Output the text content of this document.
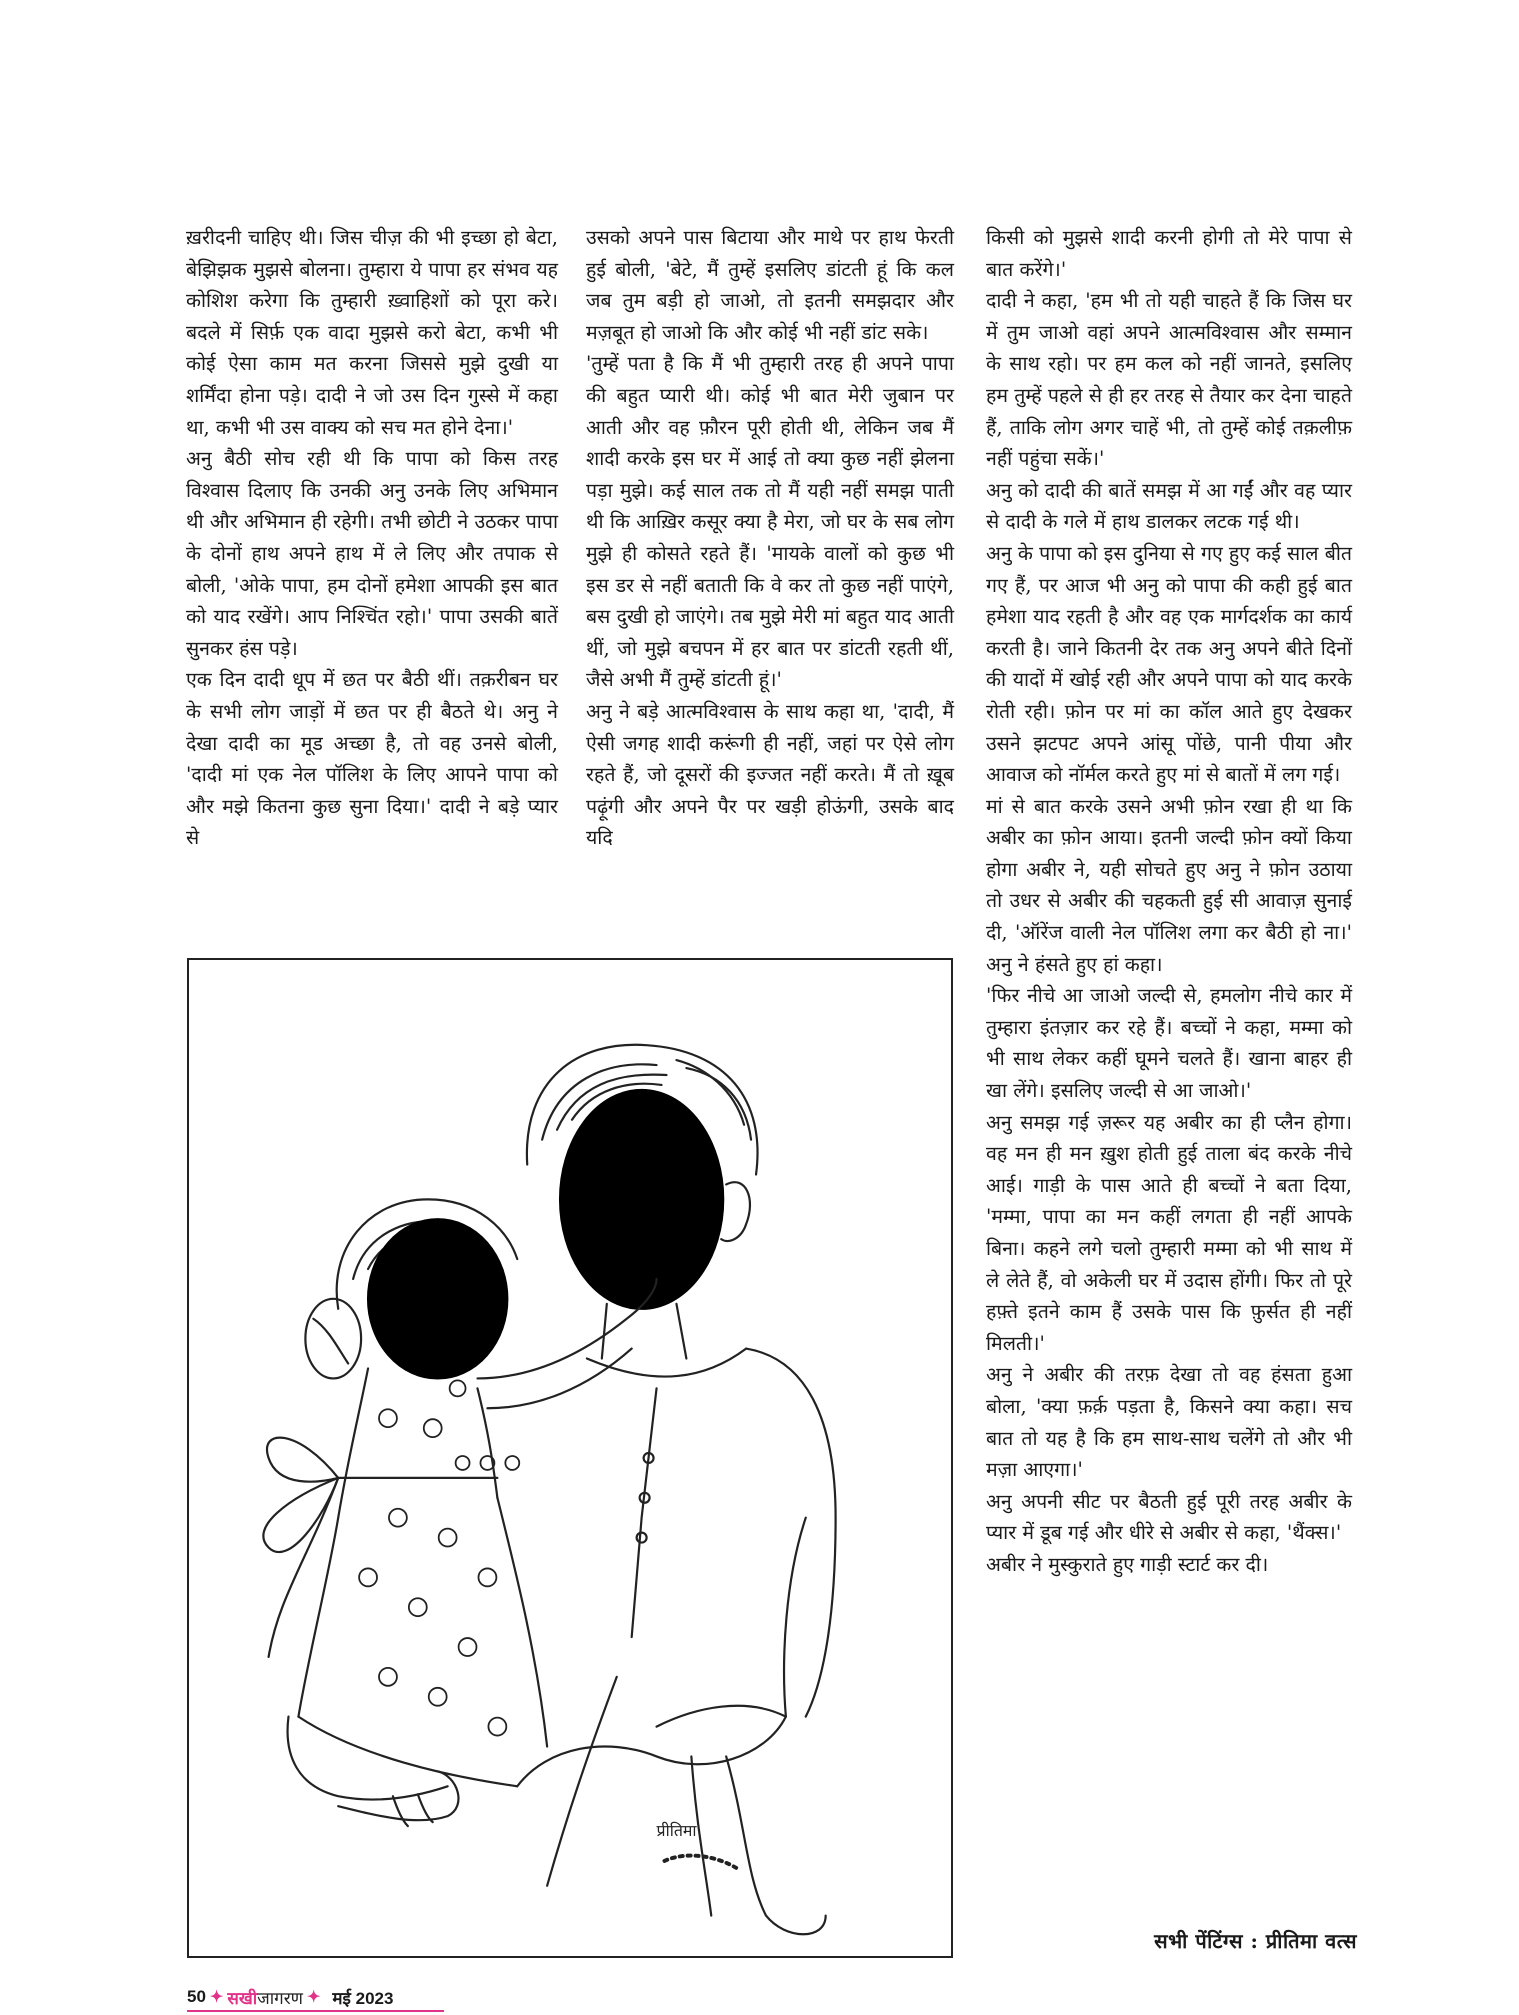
ख़रीदनी चाहिए थी। जिस चीज़ की भी इच्छा हो बेटा, बेझिझक मुझसे बोलना। तुम्हारा ये पापा हर संभव यह कोशिश करेगा कि तुम्हारी ख़्वाहिशों को पूरा करे। बदले में सिर्फ़ एक वादा मुझसे करो बेटा, कभी भी कोई ऐसा काम मत करना जिससे मुझे दुखी या शर्मिंदा होना पड़े। दादी ने जो उस दिन गुस्से में कहा था, कभी भी उस वाक्य को सच मत होने देना।'

अनु बैठी सोच रही थी कि पापा को किस तरह विश्वास दिलाए कि उनकी अनु उनके लिए अभिमान थी और अभिमान ही रहेगी। तभी छोटी ने उठकर पापा के दोनों हाथ अपने हाथ में ले लिए और तपाक से बोली, 'ओके पापा, हम दोनों हमेशा आपकी इस बात को याद रखेंगे। आप निश्चिंत रहो।' पापा उसकी बातें सुनकर हंस पड़े।

एक दिन दादी धूप में छत पर बैठी थीं। तक़रीबन घर के सभी लोग जाड़ों में छत पर ही बैठते थे। अनु ने देखा दादी का मूड अच्छा है, तो वह उनसे बोली, 'दादी मां एक नेल पॉलिश के लिए आपने पापा को और मझे कितना कुछ सुना दिया।' दादी ने बड़े प्यार से

उसको अपने पास बिटाया और माथे पर हाथ फेरती हुई बोली, 'बेटे, मैं तुम्हें इसलिए डांटती हूं कि कल जब तुम बड़ी हो जाओ, तो इतनी समझदार और मज़बूत हो जाओ कि और कोई भी नहीं डांट सके।

'तुम्हें पता है कि मैं भी तुम्हारी तरह ही अपने पापा की बहुत प्यारी थी। कोई भी बात मेरी जुबान पर आती और वह फ़ौरन पूरी होती थी, लेकिन जब मैं शादी करके इस घर में आई तो क्या कुछ नहीं झेलना पड़ा मुझे। कई साल तक तो मैं यही नहीं समझ पाती थी कि आख़िर कसूर क्या है मेरा, जो घर के सब लोग मुझे ही कोसते रहते हैं। 'मायके वालों को कुछ भी इस डर से नहीं बताती कि वे कर तो कुछ नहीं पाएंगे, बस दुखी हो जाएंगे। तब मुझे मेरी मां बहुत याद आती थीं, जो मुझे बचपन में हर बात पर डांटती रहती थीं, जैसे अभी मैं तुम्हें डांटती हूं।'

अनु ने बड़े आत्मविश्वास के साथ कहा था, 'दादी, मैं ऐसी जगह शादी करूंगी ही नहीं, जहां पर ऐसे लोग रहते हैं, जो दूसरों की इज्जत नहीं करते। मैं तो ख़ूब पढ़ूंगी और अपने पैर पर खड़ी होऊंगी, उसके बाद यदि

किसी को मुझसे शादी करनी होगी तो मेरे पापा से बात करेंगे।'

दादी ने कहा, 'हम भी तो यही चाहते हैं कि जिस घर में तुम जाओ वहां अपने आत्मविश्वास और सम्मान के साथ रहो। पर हम कल को नहीं जानते, इसलिए हम तुम्हें पहले से ही हर तरह से तैयार कर देना चाहते हैं, ताकि लोग अगर चाहें भी, तो तुम्हें कोई तक़लीफ़ नहीं पहुंचा सकें।'

अनु को दादी की बातें समझ में आ गईं और वह प्यार से दादी के गले में हाथ डालकर लटक गई थी।

अनु के पापा को इस दुनिया से गए हुए कई साल बीत गए हैं, पर आज भी अनु को पापा की कही हुई बात हमेशा याद रहती है और वह एक मार्गदर्शक का कार्य करती है। जाने कितनी देर तक अनु अपने बीते दिनों की यादों में खोई रही और अपने पापा को याद करके रोती रही। फ़ोन पर मां का कॉल आते हुए देखकर उसने झटपट अपने आंसू पोंछे, पानी पीया और आवाज को नॉर्मल करते हुए मां से बातों में लग गई।

मां से बात करके उसने अभी फ़ोन रखा ही था कि अबीर का फ़ोन आया। इतनी जल्दी फ़ोन क्यों किया होगा अबीर ने, यही सोचते हुए अनु ने फ़ोन उठाया तो उधर से अबीर की चहकती हुई सी आवाज़ सुनाई दी, 'ऑरेंज वाली नेल पॉलिश लगा कर बैठी हो ना।' अनु ने हंसते हुए हां कहा।

'फिर नीचे आ जाओ जल्दी से, हमलोग नीचे कार में तुम्हारा इंतज़ार कर रहे हैं। बच्चों ने कहा, मम्मा को भी साथ लेकर कहीं घूमने चलते हैं। खाना बाहर ही खा लेंगे। इसलिए जल्दी से आ जाओ।'

अनु समझ गई ज़रूर यह अबीर का ही प्लैन होगा। वह मन ही मन ख़ुश होती हुई ताला बंद करके नीचे आई। गाड़ी के पास आते ही बच्चों ने बता दिया, 'मम्मा, पापा का मन कहीं लगता ही नहीं आपके बिना। कहने लगे चलो तुम्हारी मम्मा को भी साथ में ले लेते हैं, वो अकेली घर में उदास होंगी। फिर तो पूरे हफ़्ते इतने काम हैं उसके पास कि फ़ुर्सत ही नहीं मिलती।'

अनु ने अबीर की तरफ़ देखा तो वह हंसता हुआ बोला, 'क्या फ़र्क़ पड़ता है, किसने क्या कहा। सच बात तो यह है कि हम साथ-साथ चलेंगे तो और भी मज़ा आएगा।'

अनु अपनी सीट पर बैठती हुई पूरी तरह अबीर के प्यार में डूब गई और धीरे से अबीर से कहा, 'थैंक्स।'

अबीर ने मुस्कुराते हुए गाड़ी स्टार्ट कर दी।

प्रीतिमा
सभी पेंटिंग्स : प्रीतिमा वत्स
50 ✦ सखीजागरण ✦ मई 2023
